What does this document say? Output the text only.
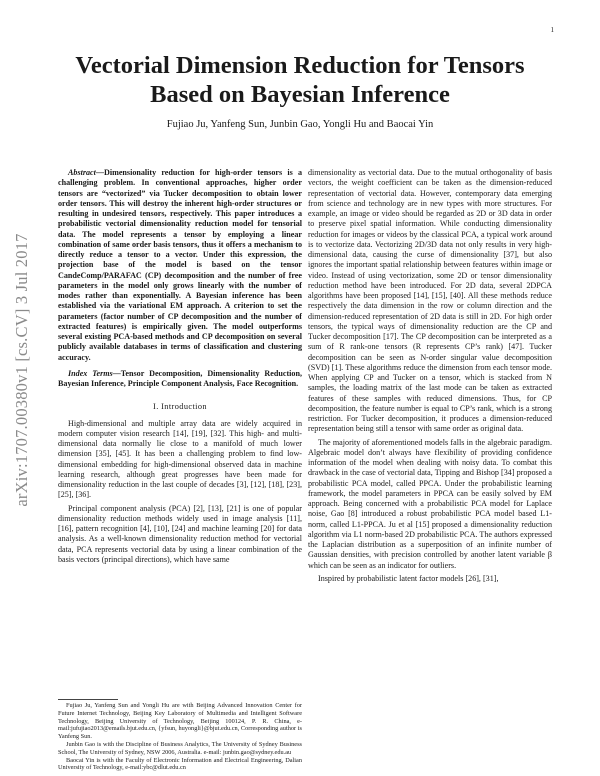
1
arXiv:1707.00380v1 [cs.CV] 3 Jul 2017
Vectorial Dimension Reduction for Tensors
Based on Bayesian Inference
Fujiao Ju, Yanfeng Sun, Junbin Gao, Yongli Hu and Baocai Yin

Abstract—Dimensionality reduction for high-order tensors is a challenging problem. In conventional approaches, higher order tensors are “vectorized” via Tucker decomposition to obtain lower order tensors. This will destroy the inherent high-order structures or resulting in undesired tensors, respectively. This paper introduces a probabilistic vectorial dimensionality reduction model for tensorial data. The model represents a tensor by employing a linear combination of same order basis tensors, thus it offers a mechanism to directly reduce a tensor to a vector. Under this expression, the projection base of the model is based on the tensor CandeComp/PARAFAC (CP) decomposition and the number of free parameters in the model only grows linearly with the number of modes rather than exponentially. A Bayesian inference has been established via the variational EM approach. A criterion to set the parameters (factor number of CP decomposition and the number of extracted features) is empirically given. The model outperforms several existing PCA-based methods and CP decomposition on several publicly available databases in terms of classification and clustering accuracy.

Index Terms—Tensor Decomposition, Dimensionality Reduction, Bayesian Inference, Principle Component Analysis, Face Recognition.

I. Introduction

High-dimensional and multiple array data are widely acquired in modern computer vision research [14], [19], [32]. This high- and multi-dimensional data normally lie close to a manifold of much lower dimension [35], [45]. It has been a challenging problem to find low-dimensional embedding for high-dimensional observed data in machine learning research, although great progresses have been made for dimensionality reduction in the last couple of decades [3], [12], [18], [23], [25], [36].

Principal component analysis (PCA) [2], [13], [21] is one of popular dimensionality reduction methods widely used in image analysis [11], [16], pattern recognition [4], [10], [24] and machine learning [20] for data analysis. As a well-known dimensionality reduction method for vectorial data, PCA represents vectorial data by using a linear combination of the basis vectors (principal directions), which have same

Fujiao Ju, Yanfeng Sun and Yongli Hu are with Beijing Advanced Innovation Center for Future Internet Technology, Beijing Key Laboratory of Multimedia and Intelligent Software Technology, Beijing University of Technology, Beijing 100124, P. R. China, e-mail:jufujiao2013@emails.bjut.edu.cn, {yfsun, huyongli}@bjut.edu.cn, Corresponding author is Yanfeng Sun.

Junbin Gao is with the Discipline of Business Analytics, The University of Sydney Business School, The University of Sydney, NSW 2006, Australia. e-mail: junbin.gao@sydney.edu.au

Baocai Yin is with the Faculty of Electronic Information and Electrical Engineering, Dalian University of Technology, e-mail:ybc@dlut.edu.cn

dimensionality as vectorial data. Due to the mutual orthogonality of basis vectors, the weight coefficient can be taken as the dimension-reduced representation of vectorial data. However, contemporary data emerging from science and technology are in new types with more structures. For example, an image or video should be regarded as 2D or 3D data in order to preserve pixel spatial information. While conducting dimensionality reduction for images or videos by the classical PCA, a typical work around is to vectorize data. Vectorizing 2D/3D data not only results in very high-dimensional data, causing the curse of dimensionality [37], but also ignores the important spatial relationship between features within image or video. Instead of using vectorization, some 2D or tensor dimensionality reduction method have been introduced. For 2D data, several 2DPCA algorithms have been proposed [14], [15], [40]. All these methods reduce respectively the data dimension in the row or column direction and the dimension-reduced representation of 2D data is still in 2D. For high order tensors, the typical ways of dimensionality reduction are the CP and Tucker decomposition [17]. The CP decomposition can be interpreted as a sum of R rank-one tensors (R represents CP’s rank) [47]. Tucker decomposition can be seen as N-order singular value decomposition (SVD) [1]. These algorithms reduce the dimension from each tensor mode. When applying CP and Tucker on a tensor, which is stacked from N samples, the loading matrix of the last mode can be taken as extracted features of these samples with reduced dimensions. Thus, for CP decomposition, the feature number is equal to CP’s rank, which is a strong restriction. For Tucker decomposition, it produces a dimension-reduced representation being still a tensor with same order as original data.

The majority of aforementioned models falls in the algebraic paradigm. Algebraic model don’t always have flexibility of providing confidence information of the model when dealing with noisy data. To combat this drawback in the case of vectorial data, Tipping and Bishop [34] proposed a probabilistic PCA model, called PPCA. Under the probabilistic learning framework, the model parameters in PPCA can be easily solved by EM approach. Being concerned with a probabilistic PCA model for Laplace noise, Gao [8] introduced a robust probabilistic PCA model based L1-norm, called L1-PPCA. Ju et al [15] proposed a dimensionality reduction algorithm via L1 norm-based 2D probabilistic PCA. The authors expressed the Laplacian distribution as a superposition of an infinite number of Gaussian densities, with precision controlled by another latent variable β which can be seen as an indicator for outliers.

Inspired by probabilistic latent factor models [26], [31],
